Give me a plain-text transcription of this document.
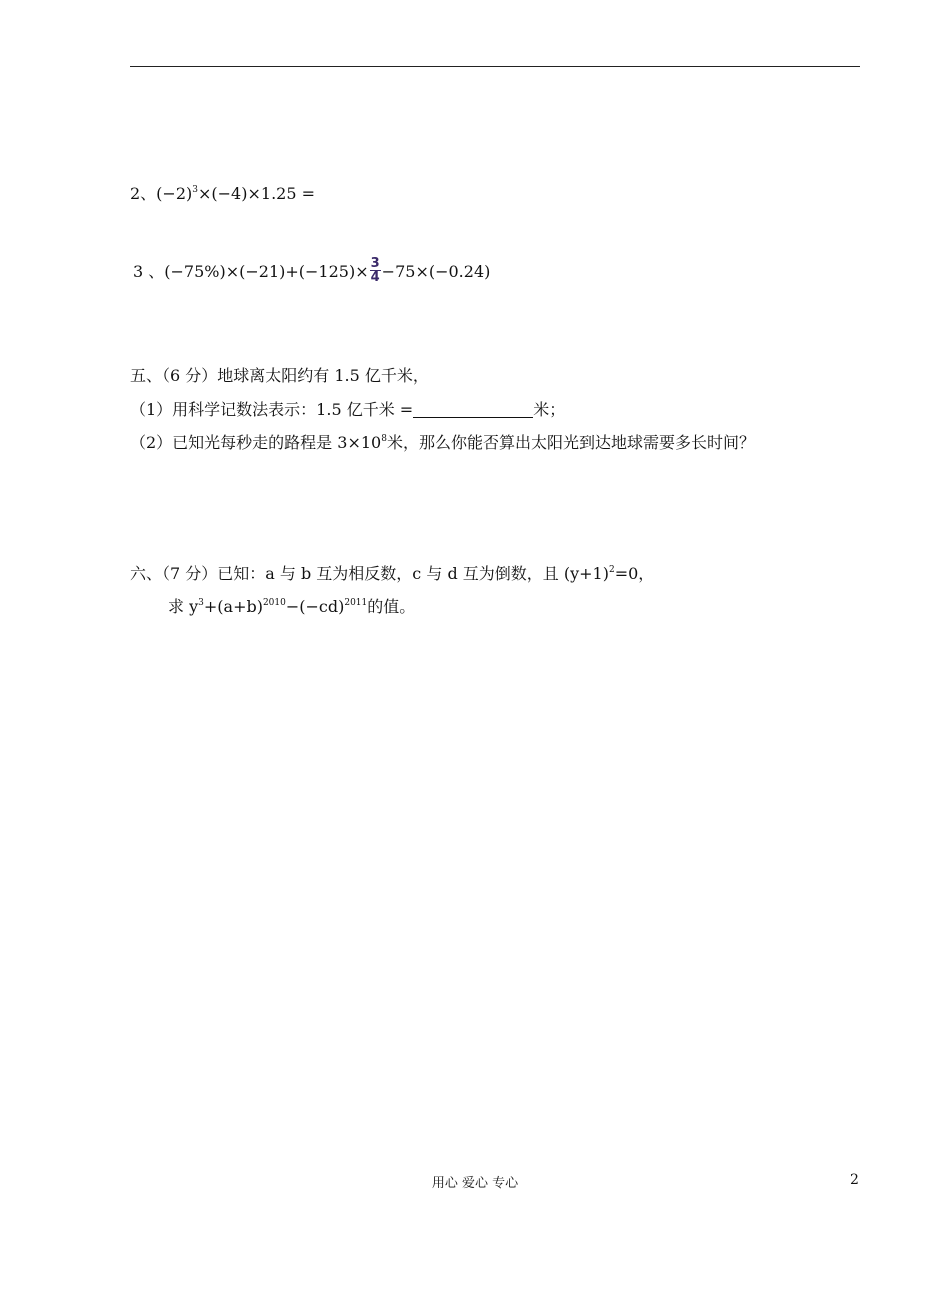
2、$(-2)^3\times(-4)\times 1.25$ =
3 、$(-75\%)\times(-21)+(-125)\times \frac{3}{4} -75\times(-0.24)$
五、（6 分）地球离太阳约有 1.5 亿千米，
（1）用科学记数法表示：1.5 亿千米 =	米；
（2）已知光每秒走的路程是 $3\times 10^8$米，那么你能否算出太阳光到达地球需要多长时间？
六、（7 分）已知：a 与 b 互为相反数，c 与 d 互为倒数，且 $(y+1)^2=0$，
求 $y^3+(a+b)^{2010}-(-cd)^{2011}$的值。
用心 爱心 专心	2
